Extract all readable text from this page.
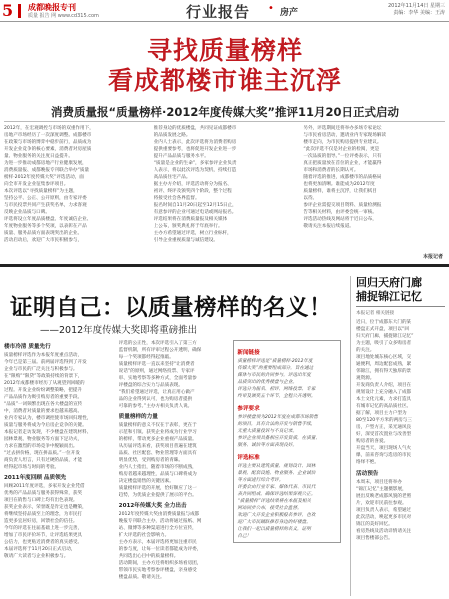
5 成都晚报专刊
质量 报告 网 www.cd315.com	行业报告 • 房产
2012年11月14日 星期三
责编：李华 美编：王涛
寻找质量榜样
看成都楼市谁主沉浮
消费质量报“质量榜样·2012年度传媒大奖”推评11月20日正式启动
2012年，在宏观调控与市场的双重作用下，
房地产市场经历了一次深度调整。成都楼市
在政策与市场的博弈中稳步前行，品质成为
开发企业竞争的核心要素，消费者对房屋质
量、物业服务的关注度日益提升。
为进一步推动成都房地产行业健康发展，
消费质量报、成都晚报专刊联合举办“质量
榜样·2012年度传媒大奖”评选活动，面
向全市开发企业征集参评项目。
本次评选以“寻找质量榜样”为主题，
坚持公平、公正、公开原则，由专家评委
与市民投票共同产生获奖名单，力求客观
反映企业品质与口碑。
评选将设立年度品质楼盘、年度诚信企业、
年度物业服务等多个奖项，以表彰在产品
质量、服务品质方面表现突出的企业。
活动启动后，欢迎广大市民积极参与，
推荐身边的优质楼盘，共同见证成都楼市
的品质发展之路。
业内人士表示，此次评选将为消费者购房
提供重要参考，也将促进开发企业进一步
提升产品品质与服务水平。
“质量是企业的生命”，多家参评企业负责
人表示，将以此次评选为契机，持续打造
高品质住宅产品。
据主办方介绍，评选活动将分为报名、
初评、终评及颁奖四个阶段，整个过程
将接受社会各界监督。
报名时间自11月20日起至12月15日止，
有意参评的企业可通过电话或网站报名。
评选结果将在消费质量报及相关媒体
上公布，颁奖典礼将于年底举行。
主办方希望通过评选，树立行业标杆，
引导企业重视质量与诚信建设。
另外，评选期间还将举办多场专家论坛
与市民看房活动，邀请业内专家现场解读
楼市走向，为市民购房提供专业建议。
“此次评选不仅是对企业的检阅，更是
一次品质的倡导。”一位评委表示，只有
真正把质量放在首位的企业，才能赢得
市场和消费者的长期认可。
随着评选的推进，成都楼市的品质格局
也将更加清晰。谁能成为2012年度
质量榜样，谁将主沉浮，让我们拭目
以待。
参评企业需提交项目资料、质量检测报
告等相关材料，由评委会统一审核。
评选活动热线及网站将于近日公布，
敬请关注本报后续报道。
本报记者
证明自己：以质量榜样的名义！
——2012年度传媒大奖即将重磅推出
楼市冷清 质量先行
质量榜样评选作为本报年度重点活动，
今年已是第三届。前两届评选得到了开发
企业与市民的广泛关注与积极参与。
在“限购”“限贷”等政策持续的背景下，
2012年成都楼市经历了从观望到回暖的
过程。开发企业纷纷调整策略，把提升
产品品质作为吸引购房者的重要手段。
“品质”一词频繁出现在各大楼盘的宣传
中，消费者对质量的要求也越来越高。
业内专家认为，楼市调控使市场回归理性，
质量与服务将成为今后房企竞争的关键。
本报记者走访发现，不少楼盘在建筑材料、
园林景观、物业服务等方面下足功夫，
力求在激烈的市场竞争中脱颖而出。
“过去拼价格，现在拼品质。”一位开发
商负责人坦言，只有过硬的品质，才能
经得起市场与时间的考验。
2011年度回顾 品质领先
回顾2011年度评选，多家开发企业凭借
优秀的产品品质与服务获得殊荣，获奖
项目在销售与口碑上均有出色表现。
获奖企业表示，荣誉既是肯定也是鞭策，
将继续坚持品质至上的理念，为市民打
造更多宜居好房，回馈社会的信任。
今年的评选在往届基础上进一步完善，
增加了市民评价环节，让评选结果更具
公信力，也更贴近消费者的真实感受。
本届评选将于11月20日正式启动，
敬请广大读者与企业积极参与。
评选的公正性，本次评选引入了第三方
监督机制，所有评审过程公开透明，确保
每一个奖项都经得起推敲。
质量榜样评选一直以来坚持“让消费者
说话”的原则，通过网络投票、专家评
审、实地考察等多种方式，全面考量参
评楼盘的综合实力与品质表现。
“我们希望通过评选，让真正用心做产
品的企业得到认可，也为购房者提供
可靠的参考。”主办方相关负责人说。
质量榜样的力量
质量榜样的意义不仅在于表彰，更在于
示范和引领。获奖企业将成为行业学习
的榜样，带动更多企业重视产品质量。
从历届评选来看，获奖项目普遍在建筑
品质、社区配套、物业管理等方面具有
明显优势，受到购房者的青睐。
业内人士指出，随着市场的不断成熟，
购房者越来越理性，品质与口碑将成为
决定楼盘销售的关键因素。
质量榜样评选的开展，恰好顺应了这一
趋势，为优质企业提供了展示的平台。
2012年传媒大奖 全力出击
2012年度传媒大奖由消费质量报与成都
晚报专刊联合主办，活动将通过报纸、网
站、微博等多种渠道进行全方位宣传，
扩大评选的社会影响力。
主办方表示，本届评选将更加注重市民
的参与度，让每一位读者都能成为评委，
共同选出心目中的质量榜样。
活动期间，主办方还将组织多场看房团，
带领市民实地考察参评楼盘，亲身感受
楼盘品质。敬请关注。
新闻链接
质量榜样评选是“质量榜样·2012年度
传媒大奖”的重要组成部分，旨在通过
媒体与市民的共同参与，评选出年度
品质突出的优秀楼盘与企业。
评选分为报名、初评、网络投票、专家
终审及颁奖五个环节，全程公开透明。
参评要求
参评楼盘须为2012年度在成都市场销售
的项目，具有合法的开发与销售手续，
无重大质量投诉与不良记录。
参评企业须具备相应开发资质，在质量、
服务、诚信等方面表现良好。
评选标准
评选主要从建筑质量、规划设计、园林
景观、配套设施、物业服务、企业诚信
等方面进行综合考评。
评委会由行业专家、媒体代表、市民代
表共同组成，确保评选结果客观公正。
“质量榜样”评选结果将在本报及相关
网站同步公布，接受社会监督。
欢迎广大开发企业积极报名参评，也欢
迎广大市民踊跃推荐身边的好楼盘。
让我们一起以质量榜样的名义，证明
自己！
回归天府门廊
捕捉锦江记忆
本报记者 相关链接
近日，位于成都东大门的某
楼盘正式开盘，项目以“回
归天府门廊，捕捉锦江记忆”
为主题，吸引了众多购房者
的关注。
项目地处城东核心区域，交
通便利，周边配套成熟，紧
邻锦江，拥有得天独厚的景
观资源。
开发商负责人介绍，项目在
规划设计上充分融入了成都
本土文化元素，力求打造具
有城市记忆的高品质社区。
据了解，项目主力户型为
80至120平方米的两房与三
房，户型方正，采光通风良
好，深受首次置业与改善型
购房者的喜爱。
开盘当天，项目现场人气火
爆，前来咨询与选房的市民
络绎不绝。
活动预告
本周末，项目还将举办
“锦江记忆”主题摄影展，
展出反映老成都风貌的老照
片，欢迎市民前往参观。
项目负责人表示，希望通过
此次活动，唤起更多市民对
锦江的美好回忆。
看房热线及活动详情请关注
项目售楼部公告。
